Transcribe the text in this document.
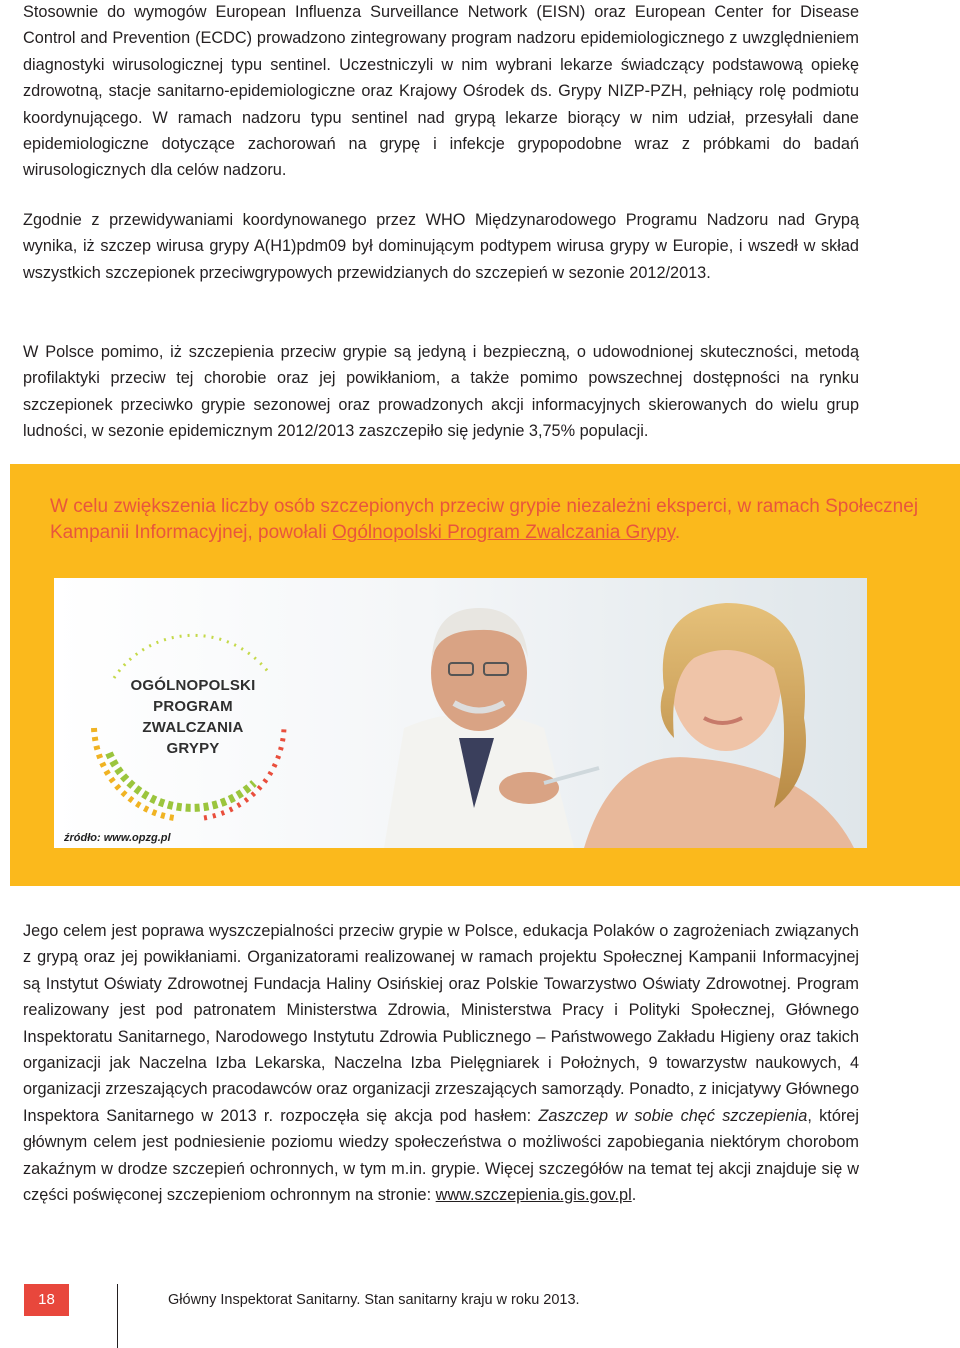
Stosownie do wymogów European Influenza Surveillance Network (EISN) oraz European Center for Disease Control and Prevention (ECDC) prowadzono zintegrowany program nadzoru epidemiologicznego z uwzględnieniem diagnostyki wirusologicznej typu sentinel. Uczestniczyli w nim wybrani lekarze świadczący podstawową opiekę zdrowotną, stacje sanitarno-epidemiologiczne oraz Krajowy Ośrodek ds. Grypy NIZP-PZH, pełniący rolę podmiotu koordynującego. W ramach nadzoru typu sentinel nad grypą lekarze biorący w nim udział, przesyłali dane epidemiologiczne dotyczące zachorowań na grypę i infekcje grypopodobne wraz z próbkami do badań wirusologicznych dla celów nadzoru.

Zgodnie z przewidywaniami koordynowanego przez WHO Międzynarodowego Programu Nadzoru nad Grypą wynika, iż szczep wirusa grypy A(H1)pdm09 był dominującym podtypem wirusa grypy w Europie, i wszedł w skład wszystkich szczepionek przeciwgrypowych przewidzianych do szczepień w sezonie 2012/2013.

W Polsce pomimo, iż szczepienia przeciw grypie są jedyną i bezpieczną, o udowodnionej skuteczności, metodą profilaktyki przeciw tej chorobie oraz jej powikłaniom, a także pomimo powszechnej dostępności na rynku szczepionek przeciwko grypie sezonowej oraz prowadzonych akcji informacyjnych skierowanych do wielu grup ludności, w sezonie epidemicznym 2012/2013 zaszczepiło się jedynie 3,75% populacji.

W celu zwiększenia liczby osób szczepionych przeciw grypie niezależni eksperci, w ramach Społecznej Kampanii Informacyjnej, powołali Ogólnopolski Program Zwalczania Grypy.

OGÓLNOPOLSKI
PROGRAM
ZWALCZANIA
GRYPY
źródło: www.opzg.pl

Jego celem jest poprawa wyszczepialności przeciw grypie w Polsce, edukacja Polaków o zagrożeniach związanych z grypą oraz jej powikłaniami. Organizatorami realizowanej w ramach projektu Społecznej Kampanii Informacyjnej są Instytut Oświaty Zdrowotnej Fundacja Haliny Osińskiej oraz Polskie Towarzystwo Oświaty Zdrowotnej. Program realizowany jest pod patronatem Ministerstwa Zdrowia, Ministerstwa Pracy i Polityki Społecznej, Głównego Inspektoratu Sanitarnego, Narodowego Instytutu Zdrowia Publicznego – Państwowego Zakładu Higieny oraz takich organizacji jak Naczelna Izba Lekarska, Naczelna Izba Pielęgniarek i Położnych, 9 towarzystw naukowych, 4 organizacji zrzeszających pracodawców oraz organizacji zrzeszających samorządy. Ponadto, z inicjatywy Głównego Inspektora Sanitarnego w 2013 r. rozpoczęła się akcja pod hasłem: Zaszczep w sobie chęć szczepienia, której głównym celem jest podniesienie poziomu wiedzy społeczeństwa o możliwości zapobiegania niektórym chorobom zakaźnym w drodze szczepień ochronnych, w tym m.in. grypie. Więcej szczegółów na temat tej akcji znajduje się w części poświęconej szczepieniom ochronnym na stronie: www.szczepienia.gis.gov.pl.

18	Główny Inspektorat Sanitarny. Stan sanitarny kraju w roku 2013.
